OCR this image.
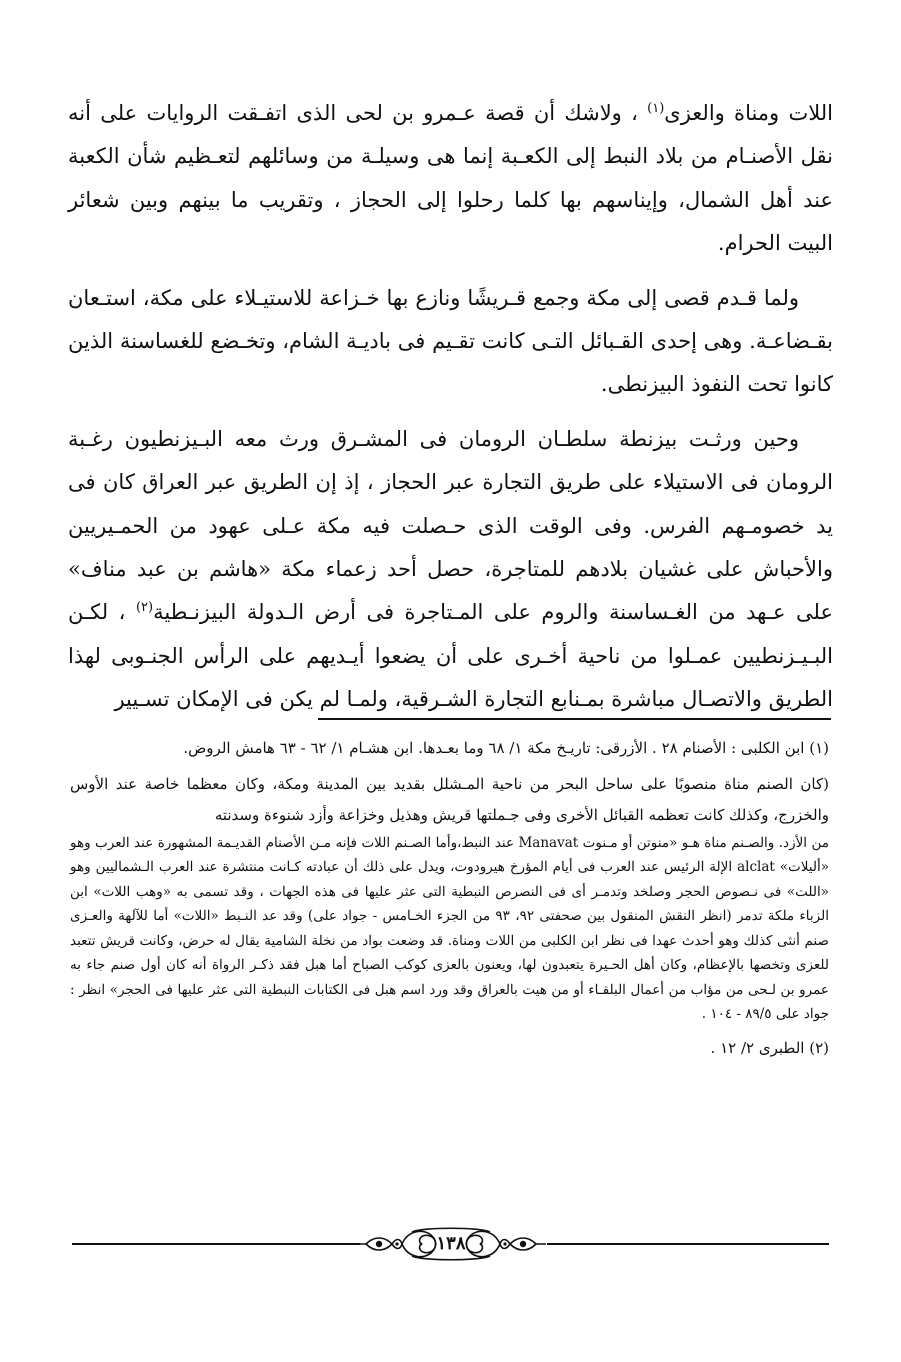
اللات ومناة والعزى$^{(١)}$ ، ولاشك أن قصة عـمرو بن لحى الذى اتفـقت الروايات على أنه نقل الأصنـام من بلاد النبط إلى الكعـبة إنما هى وسيلـة من وسائلهم لتعـظيم شأن الكعبة عند أهل الشمال، وإيناسهم بها كلما رحلوا إلى الحجاز ، وتقريب ما بينهم وبين شعائر البيت الحرام.

ولما قـدم قصى إلى مكة وجمع قـريشًا ونازع بها خـزاعة للاستيـلاء على مكة، استـعان بقـضاعـة. وهى إحدى القـبائل التـى كانت تقـيم فى باديـة الشام، وتخـضع للغساسنة الذين كانوا تحت النفوذ البيزنطى.

وحين ورثـت بيزنطة سلطـان الرومان فى المشـرق ورث معه البـيزنطيون رغـبة الرومان فى الاستيلاء على طريق التجارة عبر الحجاز ، إذ إن الطريق عبر العراق كان فى يد خصومـهم الفرس. وفى الوقت الذى حـصلت فيه مكة عـلى عهود من الحمـيريين والأحباش على غشيان بلادهم للمتاجرة، حصل أحد زعماء مكة «هاشم بن عبد مناف» على عـهد من الغـساسنة والروم على المـتاجرة فى أرض الـدولة البيزنـطية$^{(٢)}$ ، لكـن البـيـزنطيين عمـلوا من ناحية أخـرى على أن يضعوا أيـديهم على الرأس الجنـوبى لهذا الطريق والاتصـال مباشرة بمـنابع التجارة الشـرقية، ولمـا لم يكن فى الإمكان تسـيير

(١) ابن الكلبى : الأصنام ٢٨ . الأزرقى: تاريـخ مكة ١/ ٦٨ وما بعـدها. ابن هشـام ١/ ٦٢ - ٦٣ هامش الروض.

(كان الصنم مناة منصوبًا على ساحل البحر من ناحية المـشلل بقديد بين المدينة ومكة، وكان معظما خاصة عند الأوس والخزرج، وكذلك كانت تعظمه القبائل الأخرى وفى جـملتها قريش وهذيل وخزاعة وأزد شنوءة وسدنته

من الأزد. والصـنم مناة هـو «منوتن أو مـنوت Manavat عند النبط،وأما الصـنم اللات فإنه مـن الأصنام القديـمة المشهورة عند العرب وهو «أليلات» alclat الإلة الرئيس عند العرب فى أيام المؤرخ هيرودوت، ويدل على ذلك أن عبادته كـانت منتشرة عند العرب الـشماليين وهو «اللت» فى نـصوص الحجر وصلخد وتدمـر أى فى النصرص النبطية التى عثر عليها فى هذه الجهات ، وقد تسمى به «وهب اللات» ابن الزباء ملكة تدمر (انظر النقش المنقول بين صحفتى ٩٢، ٩٣ من الجزء الخـامس - جواد على) وقد عد النـبط «اللات» أما للآلهة والعـزى صنم أنثى كذلك وهو أحدث عهدا فى نظر ابن الكلبى من اللات ومناة. قد وضعت بواد من نخلة الشامية يقال له حرض، وكانت قريش تتعبد للعزى وتخصها بالإعظام، وكان أهل الحـيرة يتعبدون لها، ويعنون بالعزى كوكب الصباح أما هبل فقد ذكـر الرواة أنه كان أول صنم جاء به عمرو بن لـحى من مؤاب من أعمال البلقـاء أو من هيت بالعراق وقد ورد اسم هبل فى الكتابات النبطية التى عثر عليها فى الحجر» انظر : جواد على ٨٩/٥ - ١٠٤ .

(٢) الطبرى ٢/ ١٢ .

١٣٨
